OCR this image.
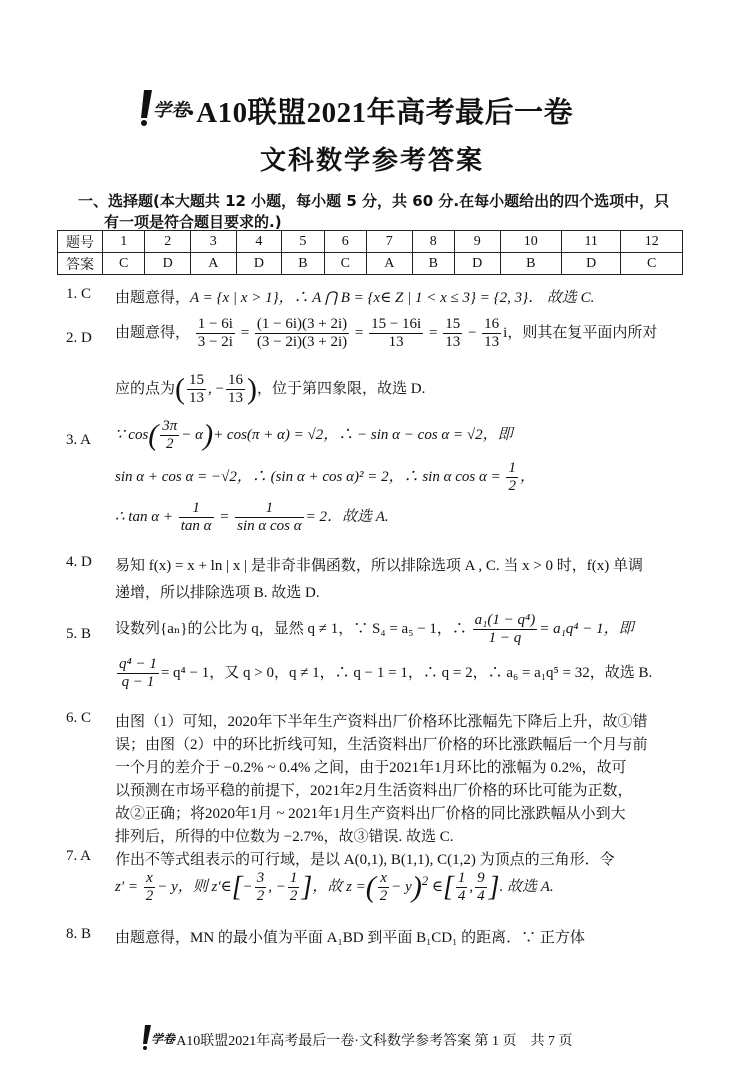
学卷
·A10联盟2021年高考最后一卷
文科数学参考答案
一、选择题(本大题共 12 小题，每小题 5 分，共 60 分.在每小题给出的四个选项中，只
有一项是符合题目要求的.)
题号	1	2	3	4	5	6	7	8	9	10	11	12
答案	C	D	A	D	B	C	A	B	D	B	D	C
1. C 由题意得，A = {x | x > 1}，∴ A ⋂ B = {x∈ Z | 1 < x ≤ 3} = {2, 3}． 故选 C.
2. D 由题意得， $\frac{1 - 6i}{3 - 2i} = \frac{(1 - 6i)(3 + 2i)}{(3 - 2i)(3 + 2i)} = \frac{15 - 16i}{13} = \frac{15}{13} - \frac{16}{13}$ i，则其在复平面内所对
应的点为( $\frac{15}{13}$ , − $\frac{16}{13}$ )，位于第四象限，故选 D.
3. A ∵ $\cos( \frac{3\pi}{2} - \alpha)+ \cos(\pi + \alpha) = √2$，∴ − sin α − cos α = √2，即
sin α + cos α = −√2，∴ (sin α + cos α)² = 2，∴ sin α $\cos \alpha = \frac{1}{2}$ ，
∴ $\tan \alpha + \frac{1}{\text{tan α}} = \frac{1}{\text{sin α cos α}} = 2$．故选 A.
4. D 易知 f(x) = x + ln | x | 是非奇非偶函数，所以排除选项 A , C. 当 x > 0 时，f(x) 单调
递增，所以排除选项 B. 故选 D.
5. B 设数列{aₙ}的公比为 q，显然 q ≠ 1，∵ S₄ = a₅ − 1，∴ $\frac{\text{a₁(1 − q⁴)}}{1 - q} = a_1q^4 - 1$，即
$\frac{\text{q⁴ − 1}}{q - 1} = q^4 - 1$，又 q > 0，q ≠ 1，∴ q − 1 = 1，∴ q = 2，∴ a₆ = a₁q⁵ = 32，故选 B.
6. C 由图（1）可知，2020年下半年生产资料出厂价格环比涨幅先下降后上升，故①错
误；由图（2）中的环比折线可知，生活资料出厂价格的环比涨跌幅后一个月与前
一个月的差介于 −0.2% ~ 0.4% 之间，由于2021年1月环比的涨幅为 0.2%，故可
以预测在市场平稳的前提下，2021年2月生活资料出厂价格的环比可能为正数，
故②正确；将2020年1月 ~ 2021年1月生产资料出厂价格的同比涨跌幅从小到大
排列后，所得的中位数为 −2.7%，故③错误. 故选 C.
7. A 作出不等式组表示的可行域，是以 A(0,1), B(1,1), C(1,2) 为顶点的三角形．令
$z' = \frac{x}{2} - y$，则 z′∈[− $\frac{3}{2}$ , − $\frac{1}{2}$ ]，故 z =( $\frac{x}{2} - y)^2$ ∈[ $\frac{1}{4}$ , $\frac{9}{4}$ ]. 故选 A.
8. B 由题意得，MN 的最小值为平面 A₁BD 到平面 B₁CD₁ 的距离．∵ 正方体
学卷
·A10联盟2021年高考最后一卷·文科数学参考答案 第 1 页　共 7 页
